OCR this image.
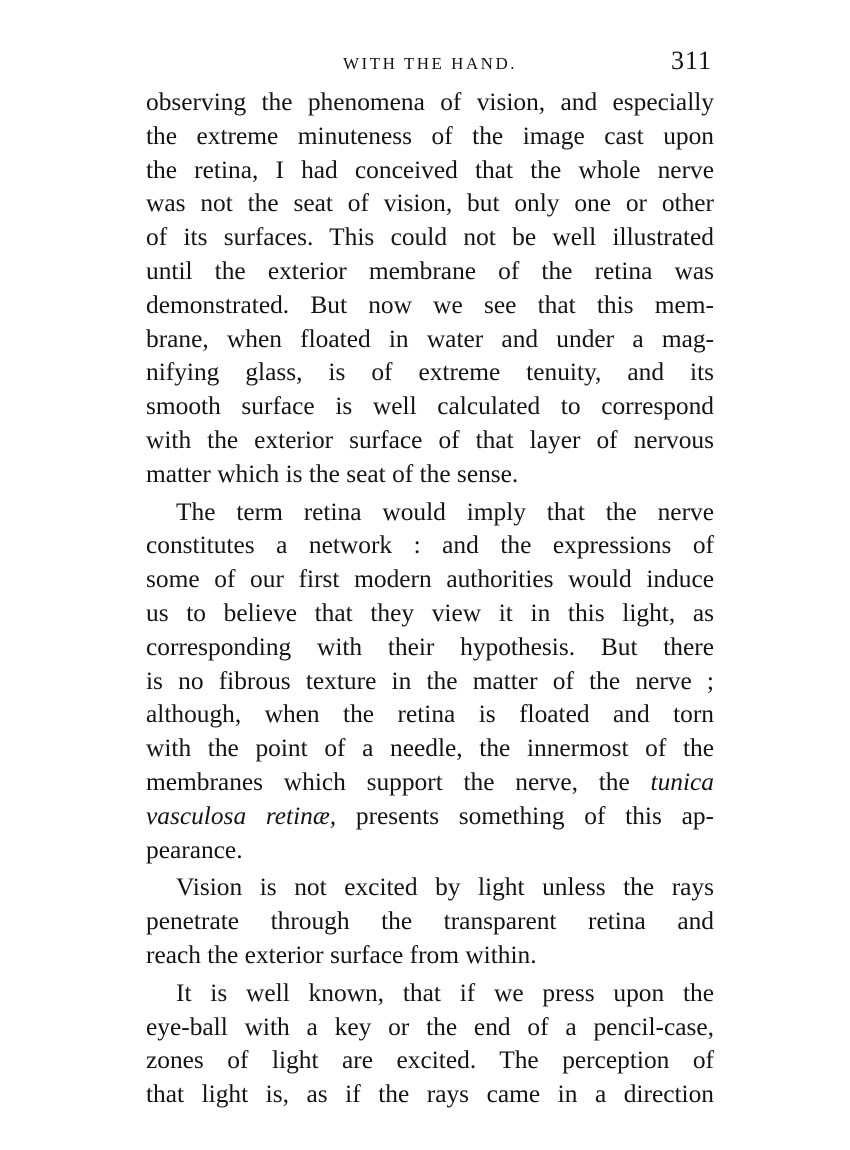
WITH THE HAND.	311
observing the phenomena of vision, and especially
the extreme minuteness of the image cast upon
the retina, I had conceived that the whole nerve
was not the seat of vision, but only one or other
of its surfaces. This could not be well illustrated
until the exterior membrane of the retina was
demonstrated. But now we see that this mem-
brane, when floated in water and under a mag-
nifying glass, is of extreme tenuity, and its
smooth surface is well calculated to correspond
with the exterior surface of that layer of nervous
matter which is the seat of the sense.
The term retina would imply that the nerve
constitutes a network : and the expressions of
some of our first modern authorities would induce
us to believe that they view it in this light, as
corresponding with their hypothesis. But there
is no fibrous texture in the matter of the nerve ;
although, when the retina is floated and torn
with the point of a needle, the innermost of the
membranes which support the nerve, the tunica
vasculosa retinæ, presents something of this ap-
pearance.
Vision is not excited by light unless the rays
penetrate through the transparent retina and
reach the exterior surface from within.
It is well known, that if we press upon the
eye-ball with a key or the end of a pencil-case,
zones of light are excited. The perception of
that light is, as if the rays came in a direction
